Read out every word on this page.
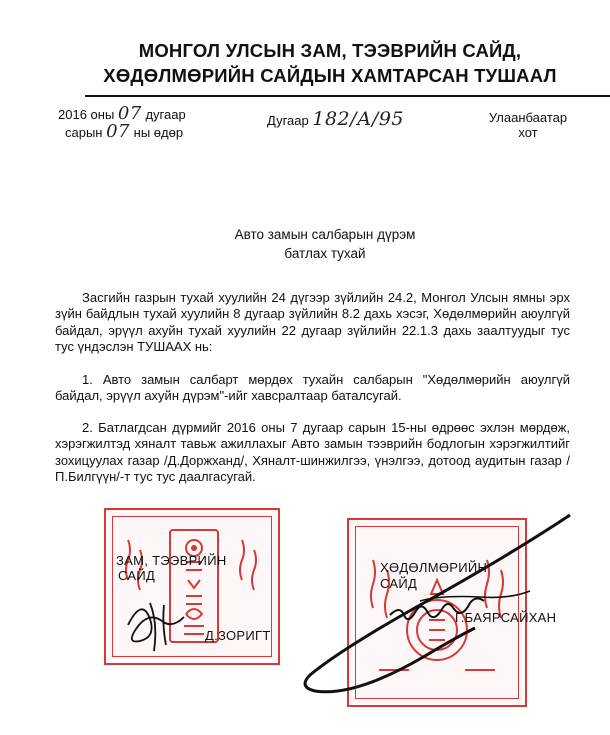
МОНГОЛ УЛСЫН ЗАМ, ТЭЭВРИЙН САЙД,
ХӨДӨЛМӨРИЙН САЙДЫН ХАМТАРСАН ТУШААЛ
2016 оны 07 дугаар
сарын 07 ны өдөр
Дугаар 182/А/95	Улаанбаатар
хот
Авто замын салбарын дүрэм
батлах тухай

Засгийн газрын тухай хуулийн 24 дүгээр зүйлийн 24.2, Монгол Улсын ямны эрх зүйн байдлын тухай хуулийн 8 дугаар зүйлийн 8.2 дахь хэсэг, Хөдөлмөрийн аюулгүй байдал, эрүүл ахуйн тухай хуулийн 22 дугаар зүйлийн 22.1.3 дахь заалтуудыг тус тус үндэслэн ТУШААХ нь:

1. Авто замын салбарт мөрдөх тухайн салбарын "Хөдөлмөрийн аюулгүй байдал, эрүүл ахуйн дүрэм"-ийг хавсралтаар баталсугай.

2. Батлагдсан дүрмийг 2016 оны 7 дугаар сарын 15-ны өдрөөс эхлэн мөрдөж, хэрэгжилтэд хяналт тавьж ажиллахыг Авто замын тээврийн бодлогын хэрэгжилтийг зохицуулах газар /Д.Доржханд/, Хяналт-шинжилгээ, үнэлгээ, дотоод аудитын газар /П.Билгүүн/-т тус тус даалгасугай.

ЗАМ, ТЭЭВРИЙН
САЙД
Д.ЗОРИГТ
ХӨДӨЛМӨРИЙН
САЙД
Г.БАЯРСАЙХАН
